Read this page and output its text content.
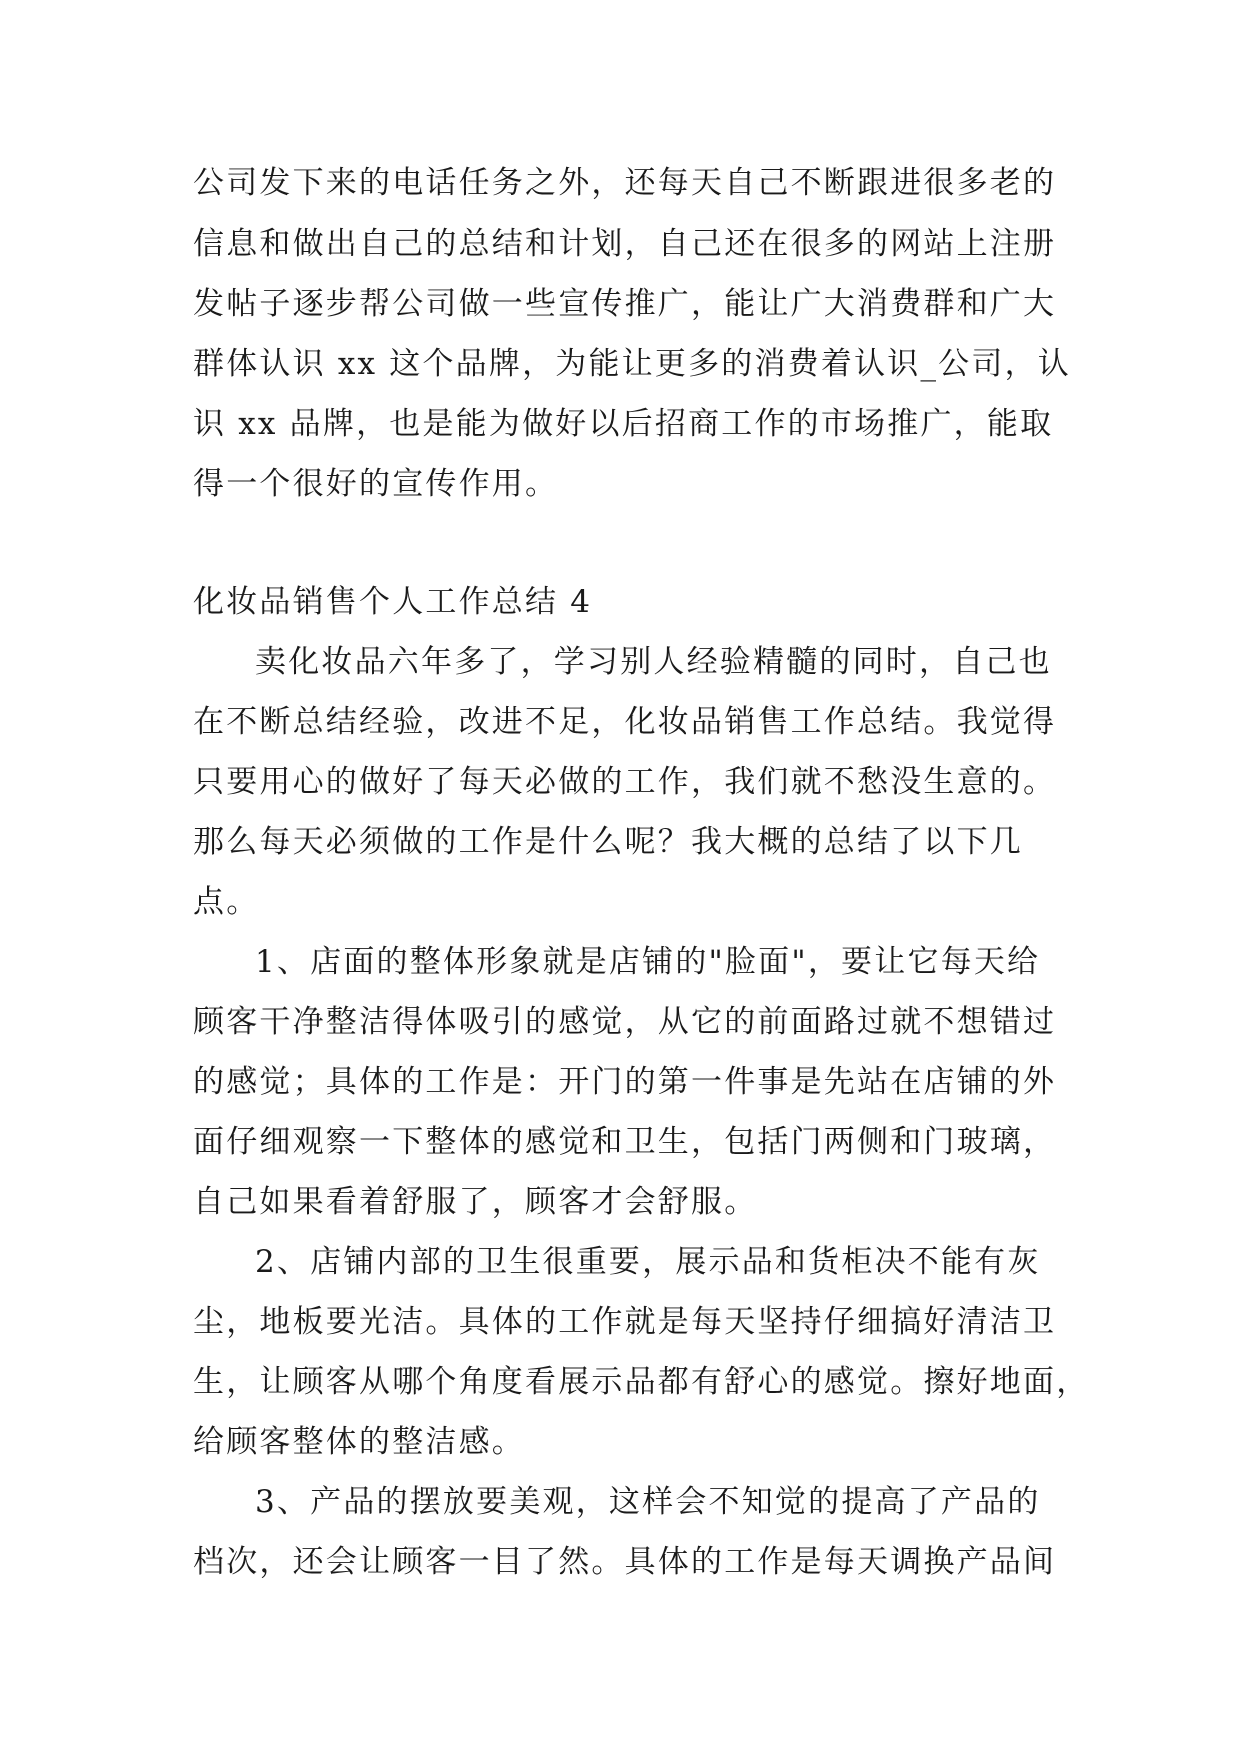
公司发下来的电话任务之外，还每天自己不断跟进很多老的
信息和做出自己的总结和计划，自己还在很多的网站上注册
发帖子逐步帮公司做一些宣传推广，能让广大消费群和广大
群体认识 xx 这个品牌，为能让更多的消费着认识_公司，认
识 xx 品牌，也是能为做好以后招商工作的市场推广，能取
得一个很好的宣传作用。
化妆品销售个人工作总结 4
卖化妆品六年多了，学习别人经验精髓的同时，自己也
在不断总结经验，改进不足，化妆品销售工作总结。我觉得
只要用心的做好了每天必做的工作，我们就不愁没生意的。
那么每天必须做的工作是什么呢？我大概的总结了以下几
点。
1、店面的整体形象就是店铺的"脸面"，要让它每天给
顾客干净整洁得体吸引的感觉，从它的前面路过就不想错过
的感觉；具体的工作是：开门的第一件事是先站在店铺的外
面仔细观察一下整体的感觉和卫生，包括门两侧和门玻璃，
自己如果看着舒服了，顾客才会舒服。
2、店铺内部的卫生很重要，展示品和货柜决不能有灰
尘，地板要光洁。具体的工作就是每天坚持仔细搞好清洁卫
生，让顾客从哪个角度看展示品都有舒心的感觉。擦好地面，
给顾客整体的整洁感。
3、产品的摆放要美观，这样会不知觉的提高了产品的
档次，还会让顾客一目了然。具体的工作是每天调换产品间
